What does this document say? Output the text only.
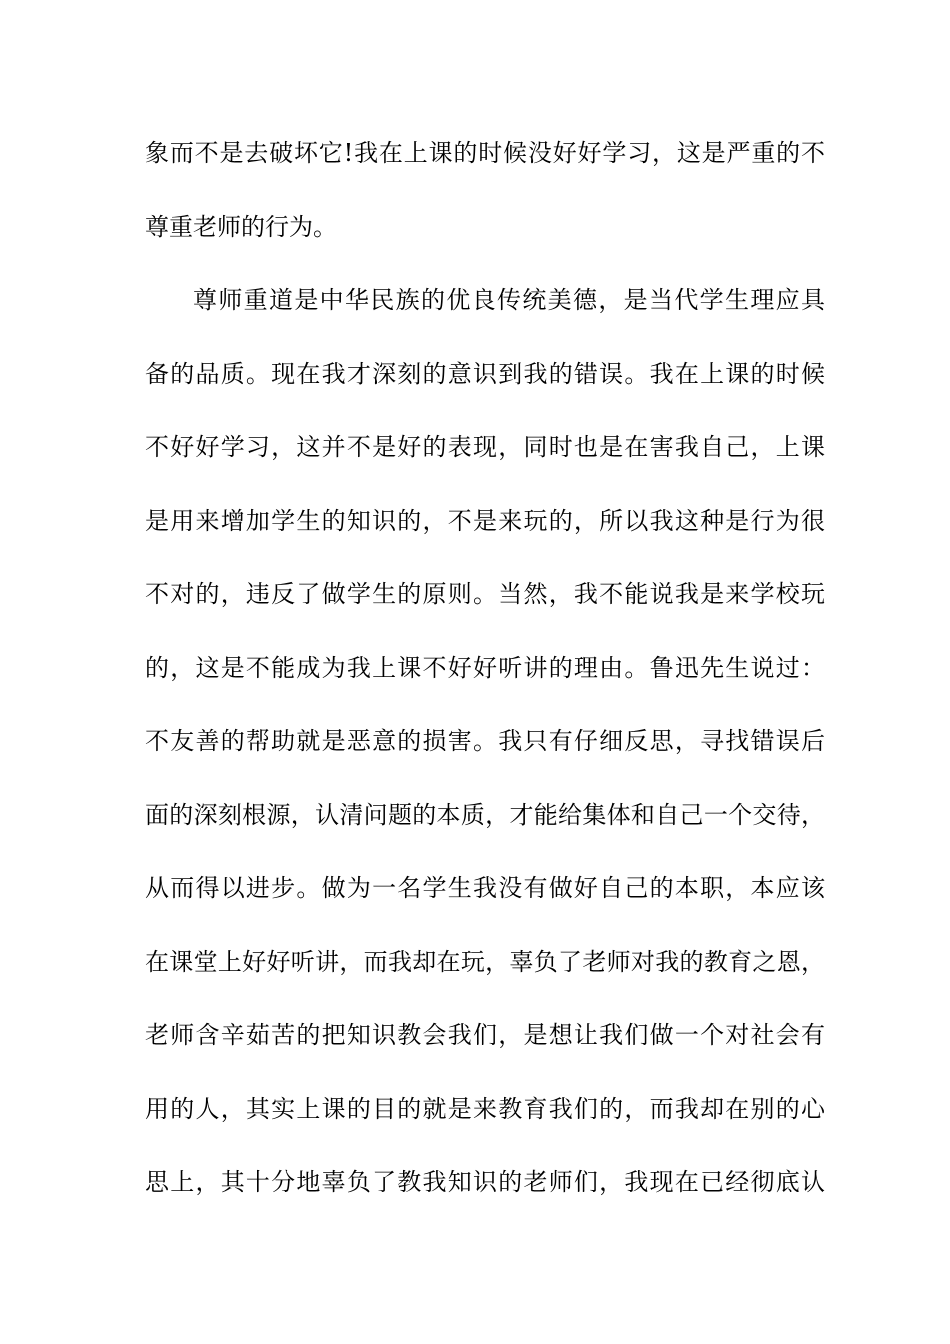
象而不是去破坏它!我在上课的时候没好好学习，这是严重的不
尊重老师的行为。
尊师重道是中华民族的优良传统美德，是当代学生理应具
备的品质。现在我才深刻的意识到我的错误。我在上课的时候
不好好学习，这并不是好的表现，同时也是在害我自己，上课
是用来增加学生的知识的，不是来玩的，所以我这种是行为很
不对的，违反了做学生的原则。当然，我不能说我是来学校玩
的，这是不能成为我上课不好好听讲的理由。鲁迅先生说过：
不友善的帮助就是恶意的损害。我只有仔细反思，寻找错误后
面的深刻根源，认清问题的本质，才能给集体和自己一个交待，
从而得以进步。做为一名学生我没有做好自己的本职，本应该
在课堂上好好听讲，而我却在玩，辜负了老师对我的教育之恩，
老师含辛茹苦的把知识教会我们，是想让我们做一个对社会有
用的人，其实上课的目的就是来教育我们的，而我却在别的心
思上，其十分地辜负了教我知识的老师们，我现在已经彻底认
